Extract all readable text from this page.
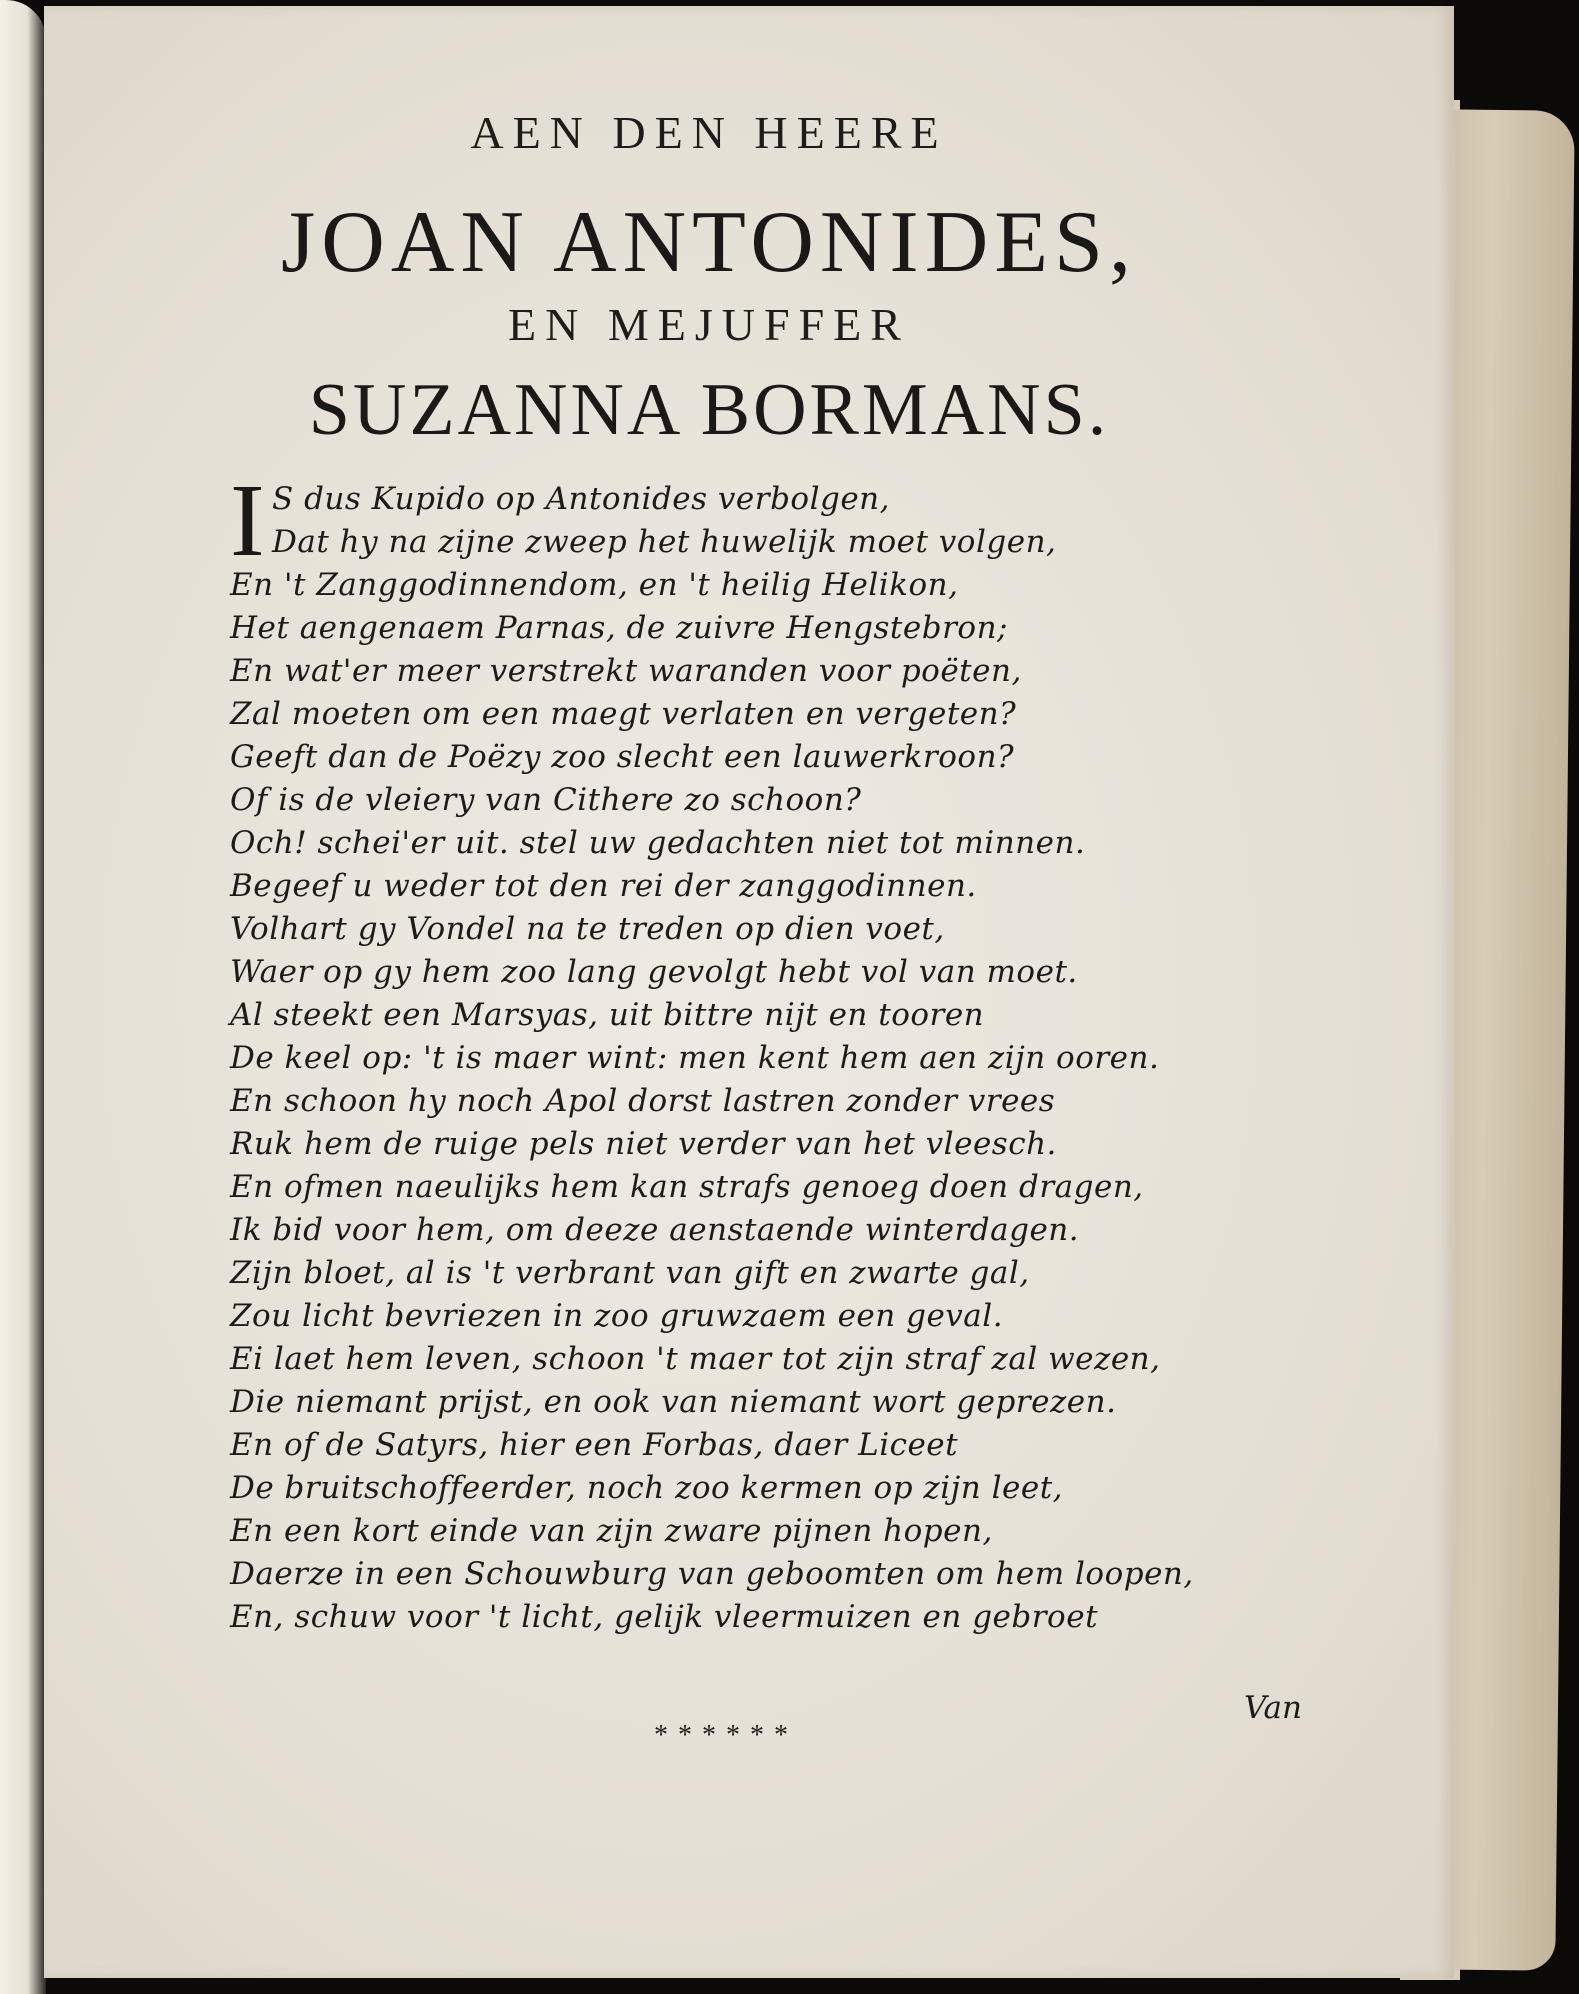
AEN DEN HEERE
JOAN ANTONIDES,
EN MEJUFFER
SUZANNA BORMANS.
I S dus Kupido op Antonides verbolgen,
Dat hy na zijne zweep het huwelijk moet volgen,
En 't Zanggodinnendom, en 't heilig Helikon,
Het aengenaem Parnas, de zuivre Hengstebron;
En wat'er meer verstrekt waranden voor poëten,
Zal moeten om een maegt verlaten en vergeten?
Geeft dan de Poëzy zoo slecht een lauwerkroon?
Of is de vleiery van Cithere zo schoon?
Och! schei'er uit. stel uw gedachten niet tot minnen.
Begeef u weder tot den rei der zanggodinnen.
Volhart gy Vondel na te treden op dien voet,
Waer op gy hem zoo lang gevolgt hebt vol van moet.
Al steekt een Marsyas, uit bittre nijt en tooren
De keel op: 't is maer wint: men kent hem aen zijn ooren.
En schoon hy noch Apol dorst lastren zonder vrees
Ruk hem de ruige pels niet verder van het vleesch.
En ofmen naeulijks hem kan strafs genoeg doen dragen,
Ik bid voor hem, om deeze aenstaende winterdagen.
Zijn bloet, al is 't verbrant van gift en zwarte gal,
Zou licht bevriezen in zoo gruwzaem een geval.
Ei laet hem leven, schoon 't maer tot zijn straf zal wezen,
Die niemant prijst, en ook van niemant wort geprezen.
En of de Satyrs, hier een Forbas, daer Liceet
De bruitschoffeerder, noch zoo kermen op zijn leet,
En een kort einde van zijn zware pijnen hopen,
Daerze in een Schouwburg van geboomten om hem loopen,
En, schuw voor 't licht, gelijk vleermuizen en gebroet
Van
******
